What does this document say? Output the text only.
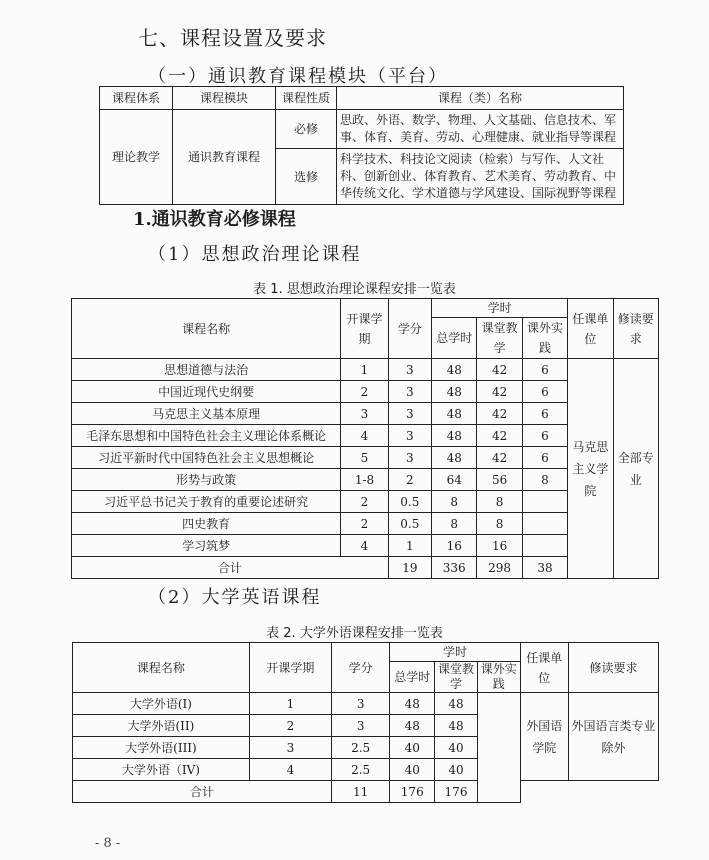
七、课程设置及要求
（一）通识教育课程模块（平台）
课程体系	课程模块	课程性质	课程（类）名称
理论教学	通识教育课程	必修	思政、外语、数学、物理、人文基础、信息技术、军事、体育、美育、劳动、心理健康、就业指导等课程
		选修	科学技术、科技论文阅读（检索）与写作、人文社科、创新创业、体育教育、艺术美育、劳动教育、中华传统文化、学术道德与学风建设、国际视野等课程
1.通识教育必修课程
（1）思想政治理论课程
表 1. 思想政治理论课程安排一览表
课程名称	开课学期	学分	学时			任课单位	修读要求
			总学时	课堂教学	课外实践		
思想道德与法治	1	3	48	42	6	马克思主义学院	全部专业
中国近现代史纲要	2	3	48	42	6		
马克思主义基本原理	3	3	48	42	6		
毛泽东思想和中国特色社会主义理论体系概论	4	3	48	42	6		
习近平新时代中国特色社会主义思想概论	5	3	48	42	6		
形势与政策	1-8	2	64	56	8		
习近平总书记关于教育的重要论述研究	2	0.5	8	8			
四史教育	2	0.5	8	8			
学习筑梦	4	1	16	16			
合计		19	336	298	38		
（2）大学英语课程
表 2. 大学外语课程安排一览表
课程名称	开课学期	学分	学时			任课单位	修读要求
			总学时	课堂教学	课外实践		
大学外语(I)	1	3	48	48		外国语学院	外国语言类专业除外
大学外语(II)	2	3	48	48			
大学外语(III)	3	2.5	40	40			
大学外语（IV)	4	2.5	40	40			
合计		11	176	176			
- 8 -
